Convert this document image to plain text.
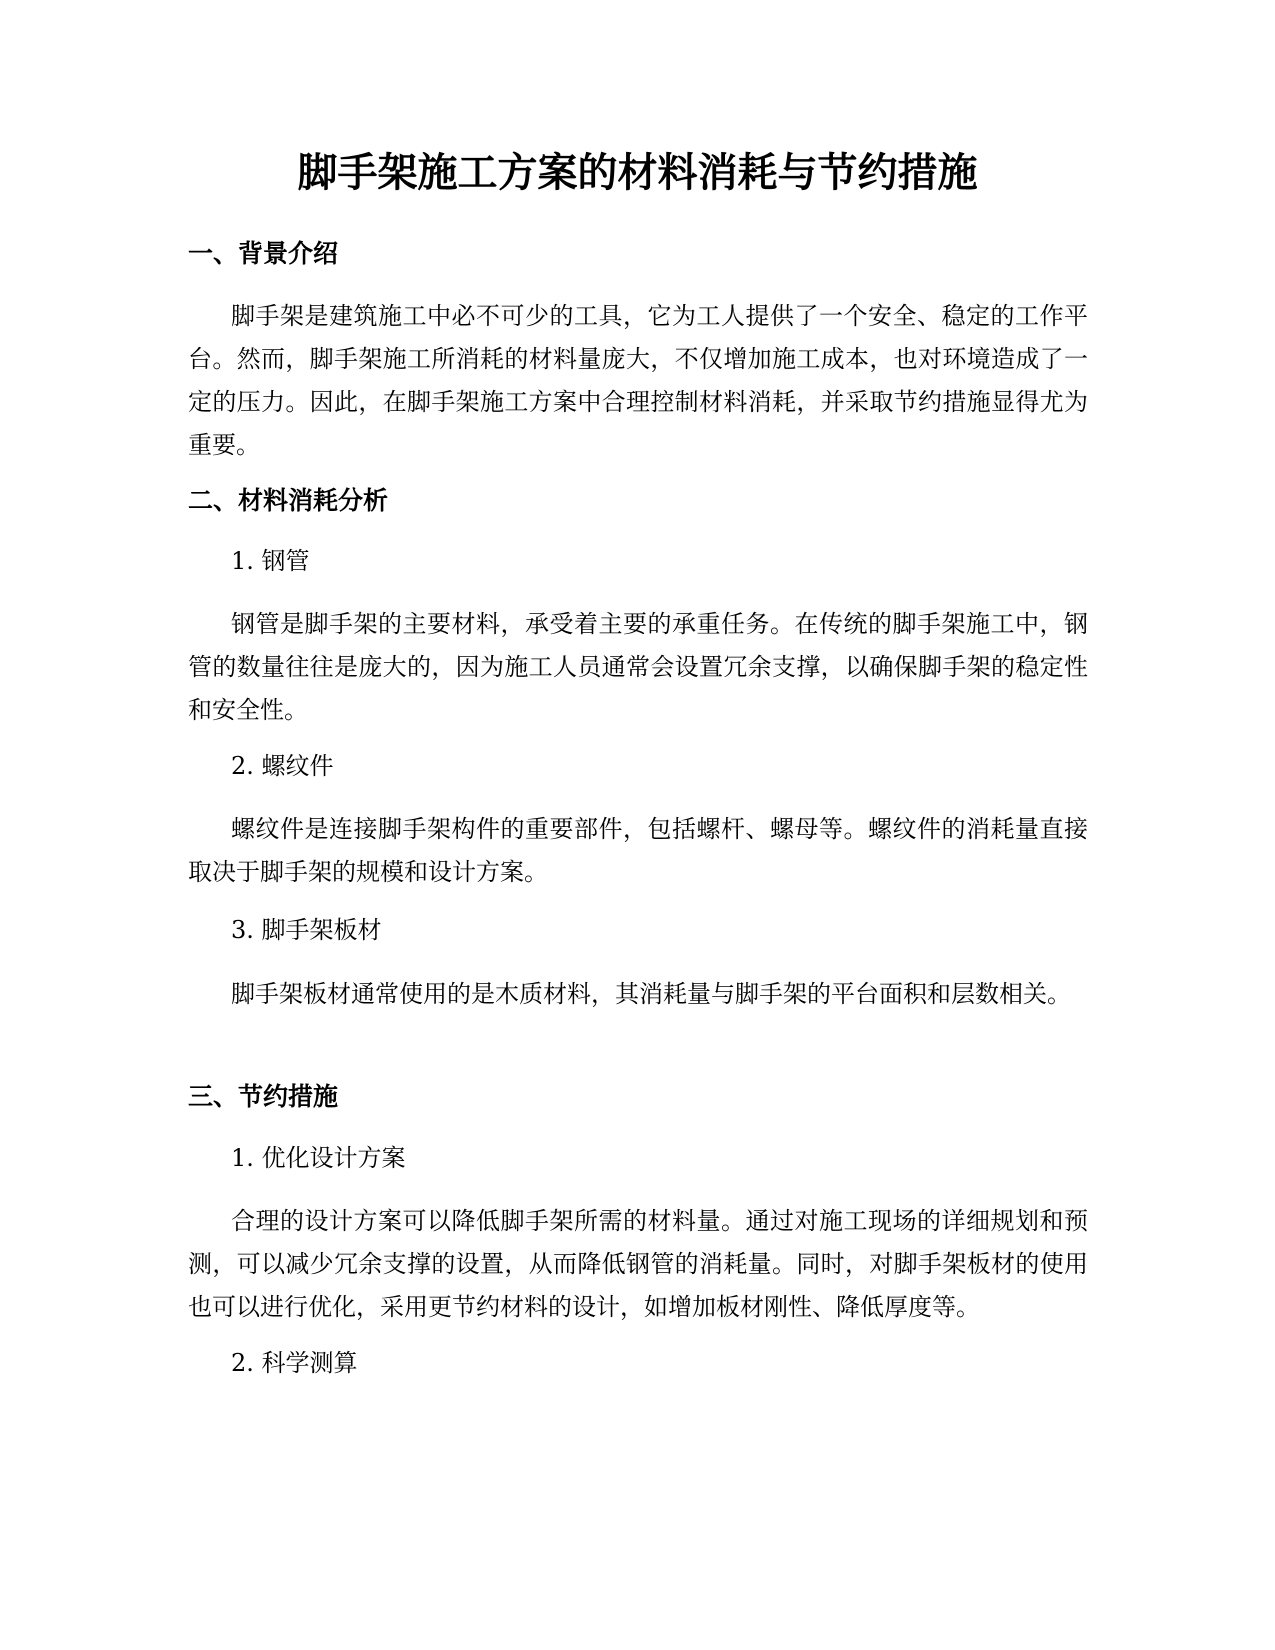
脚手架施工方案的材料消耗与节约措施
一、背景介绍
脚手架是建筑施工中必不可少的工具，它为工人提供了一个安全、稳定的工作平台。然而，脚手架施工所消耗的材料量庞大，不仅增加施工成本，也对环境造成了一定的压力。因此，在脚手架施工方案中合理控制材料消耗，并采取节约措施显得尤为重要。
二、材料消耗分析
1. 钢管
钢管是脚手架的主要材料，承受着主要的承重任务。在传统的脚手架施工中，钢管的数量往往是庞大的，因为施工人员通常会设置冗余支撑，以确保脚手架的稳定性和安全性。
2. 螺纹件
螺纹件是连接脚手架构件的重要部件，包括螺杆、螺母等。螺纹件的消耗量直接取决于脚手架的规模和设计方案。
3. 脚手架板材
脚手架板材通常使用的是木质材料，其消耗量与脚手架的平台面积和层数相关。
三、节约措施
1. 优化设计方案
合理的设计方案可以降低脚手架所需的材料量。通过对施工现场的详细规划和预测，可以减少冗余支撑的设置，从而降低钢管的消耗量。同时，对脚手架板材的使用也可以进行优化，采用更节约材料的设计，如增加板材刚性、降低厚度等。
2. 科学测算
